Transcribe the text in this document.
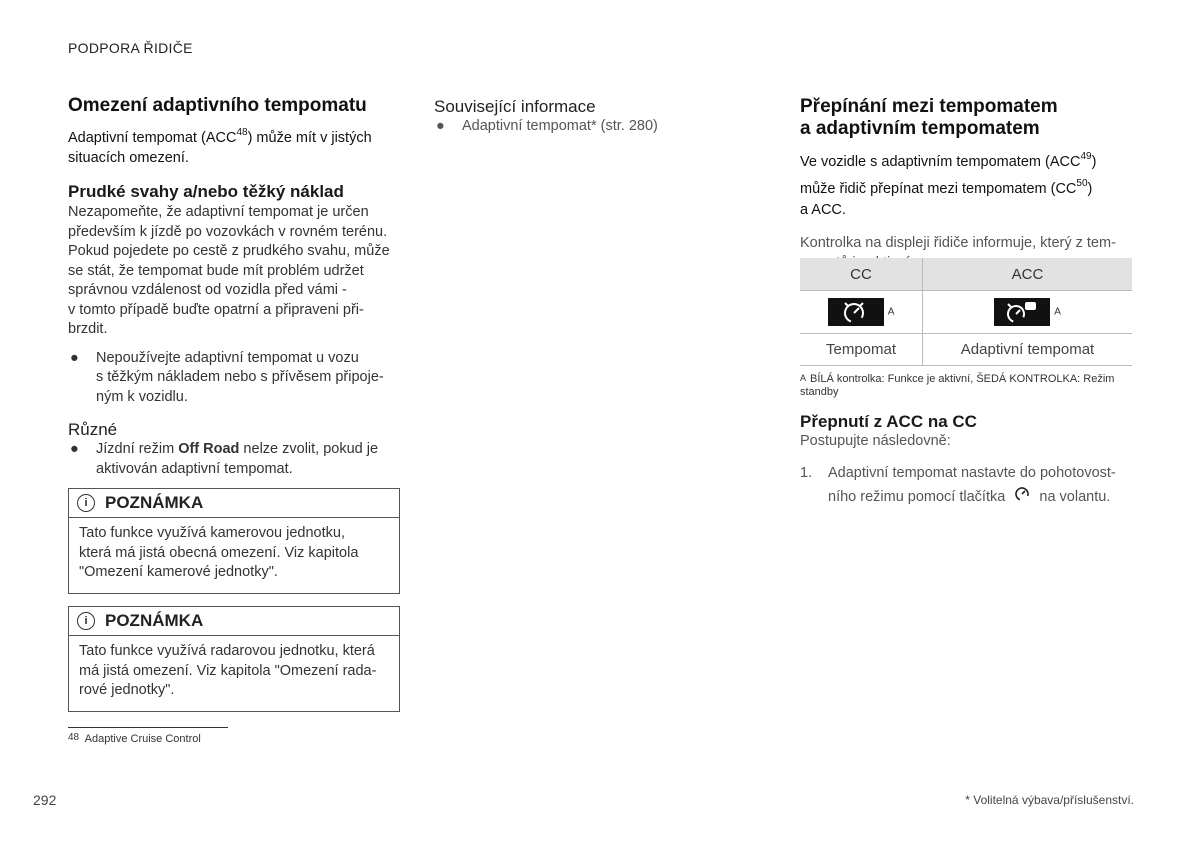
PODPORA ŘIDIČE
Omezení adaptivního tempomatu
Adaptivní tempomat (ACC$^{48}$) může mít v jistých
situacích omezení.
Prudké svahy a/nebo těžký náklad
Nezapomeňte, že adaptivní tempomat je určen
především k jízdě po vozovkách v rovném terénu.
Pokud pojedete po cestě z prudkého svahu, může
se stát, že tempomat bude mít problém udržet
správnou vzdálenost od vozidla před vámi -
v tomto případě buďte opatrní a připraveni při-
brzdit.
● Nepoužívejte adaptivní tempomat u vozu
s těžkým nákladem nebo s přívěsem připoje-
ným k vozidlu.
Různé
● Jízdní režim Off Road nelze zvolit, pokud je
aktivován adaptivní tempomat.
i	POZNÁMKA
Tato funkce využívá kamerovou jednotku,
která má jistá obecná omezení. Viz kapitola
"Omezení kamerové jednotky".
i	POZNÁMKA
Tato funkce využívá radarovou jednotku, která
má jistá omezení. Viz kapitola "Omezení rada-
rové jednotky".
48 Adaptive Cruise Control
Související informace
● Adaptivní tempomat* (str. 280)
Přepínání mezi tempomatem
a adaptivním tempomatem
Ve vozidle s adaptivním tempomatem (ACC$^{49}$)
může řidič přepínat mezi tempomatem (CC$^{50}$)
a ACC.
Kontrolka na displeji řidiče informuje, který z tem-
CC	ACC
A	A
Tempomat	Adaptivní tempomat
A BÍLÁ kontrolka: Funkce je aktivní, ŠEDÁ KONTROLKA: Režim
standby
Přepnutí z ACC na CC
Postupujte následovně:
1. Adaptivní tempomat nastavte do pohotovost-
ního režimu pomocí tlačítka na volantu.
292	* Volitelná výbava/příslušenství.
